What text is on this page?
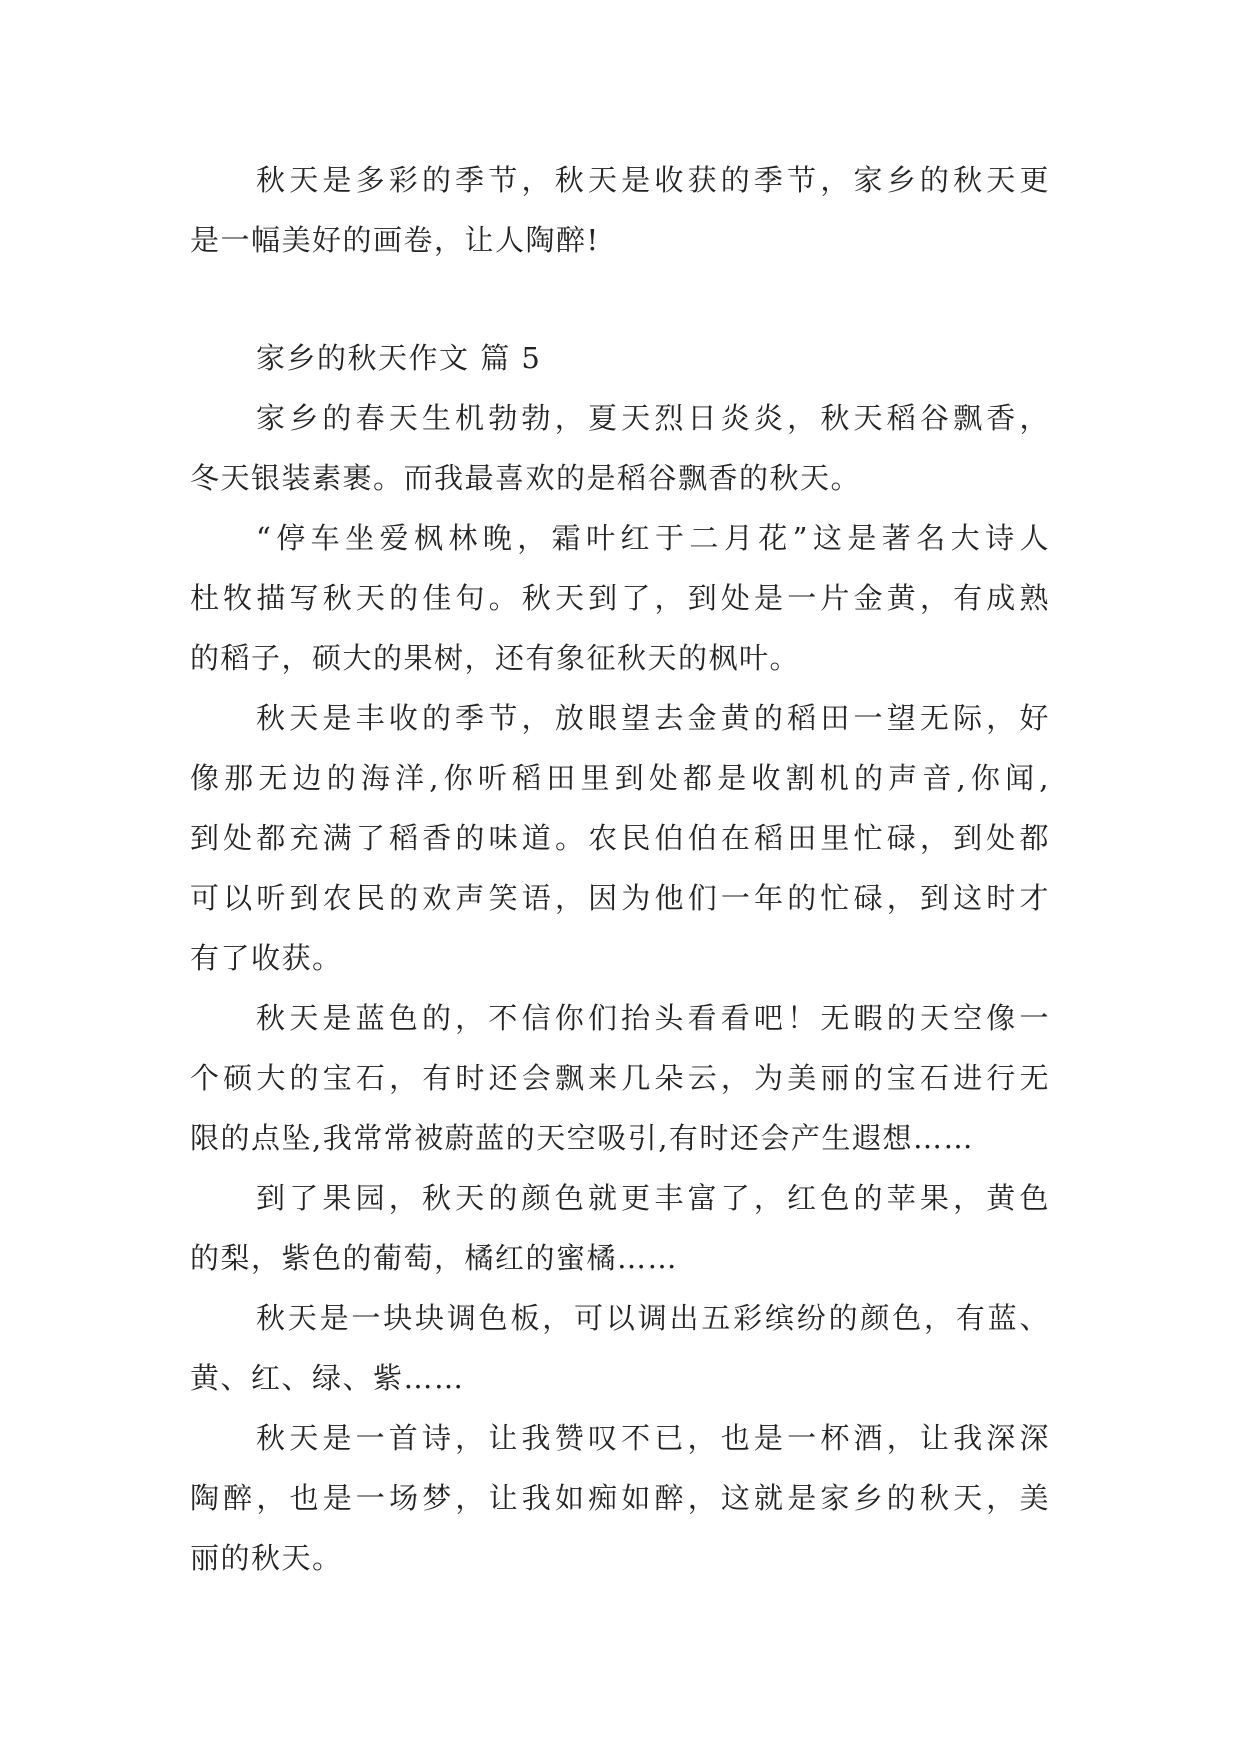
秋天是多彩的季节，秋天是收获的季节，家乡的秋天更
是一幅美好的画卷，让人陶醉!

家乡的秋天作文 篇 5

家乡的春天生机勃勃，夏天烈日炎炎，秋天稻谷飘香，
冬天银装素裹。而我最喜欢的是稻谷飘香的秋天。

“停车坐爱枫林晚，霜叶红于二月花”这是著名大诗人
杜牧描写秋天的佳句。秋天到了，到处是一片金黄，有成熟
的稻子，硕大的果树，还有象征秋天的枫叶。

秋天是丰收的季节，放眼望去金黄的稻田一望无际，好
像那无边的海洋,你听稻田里到处都是收割机的声音,你闻,
到处都充满了稻香的味道。农民伯伯在稻田里忙碌，到处都
可以听到农民的欢声笑语，因为他们一年的忙碌，到这时才
有了收获。

秋天是蓝色的，不信你们抬头看看吧！无暇的天空像一
个硕大的宝石，有时还会飘来几朵云，为美丽的宝石进行无
限的点坠,我常常被蔚蓝的天空吸引,有时还会产生遐想……

到了果园，秋天的颜色就更丰富了，红色的苹果，黄色
的梨，紫色的葡萄，橘红的蜜橘……

秋天是一块块调色板，可以调出五彩缤纷的颜色，有蓝、
黄、红、绿、紫……

秋天是一首诗，让我赞叹不已，也是一杯酒，让我深深
陶醉，也是一场梦，让我如痴如醉，这就是家乡的秋天，美
丽的秋天。
